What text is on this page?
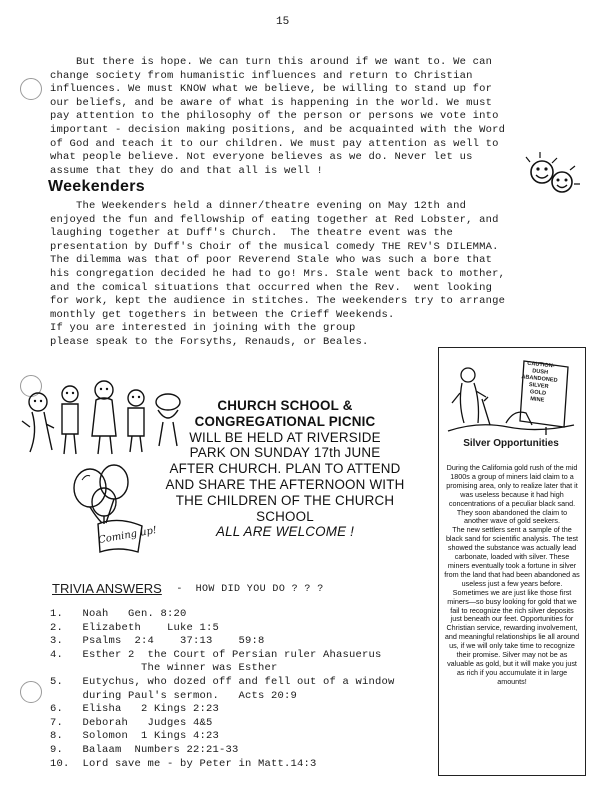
15
But there is hope. We can turn this around if we want to. We can
change society from humanistic influences and return to Christian
influences. We must KNOW what we believe, be willing to stand up for
our beliefs, and be aware of what is happening in the world. We must
pay attention to the philosophy of the person or persons we vote into
important - decision making positions, and be acquainted with the Word
of God and teach it to our children. We must pay attention as well to
what people believe. Not everyone believes as we do. Never let us
assume that they do and that all is well !
Weekenders
The Weekenders held a dinner/theatre evening on May 12th and
enjoyed the fun and fellowship of eating together at Red Lobster, and
laughing together at Duff's Church.  The theatre event was the
presentation by Duff's Choir of the musical comedy THE REV'S DILEMMA.
The dilemma was that of poor Reverend Stale who was such a bore that
his congregation decided he had to go! Mrs. Stale went back to mother,
and the comical situations that occurred when the Rev.  went looking
for work, kept the audience in stitches. The weekenders try to arrange
monthly get togethers in between the Crieff Weekends.
If you are interested in joining with the group
please speak to the Forsyths, Renauds, or Beales.
CHURCH SCHOOL &
CONGREGATIONAL PICNIC
WILL BE HELD AT RIVERSIDE
PARK ON SUNDAY 17th JUNE
AFTER CHURCH. PLAN TO ATTEND
AND SHARE THE AFTERNOON WITH
THE CHILDREN OF THE CHURCH SCHOOL
ALL ARE WELCOME !
Coming up!
TRIVIA ANSWERS -  HOW DID YOU DO ? ? ?
1.   Noah   Gen. 8:20
2.   Elizabeth    Luke 1:5
3.   Psalms  2:4    37:13    59:8
4.   Esther 2  the Court of Persian ruler Ahasuerus
The winner was Esther
5.   Eutychus, who dozed off and fell out of a window
during Paul's sermon.   Acts 20:9
6.   Elisha   2 Kings 2:23
7.   Deborah   Judges 4&5
8.   Solomon  1 Kings 4:23
9.   Balaam  Numbers 22:21-33
10.  Lord save me - by Peter in Matt.14:3
CAUTION-
DUSH
ABANDONED
SILVER
GOLD
MINE
Silver Opportunities

During the California gold rush of the mid 1800s a group of miners laid claim to a promising area, only to realize later that it was useless because it had high concentrations of a peculiar black sand. They soon abandoned the claim to another wave of gold seekers.

The new settlers sent a sample of the black sand for scientific analysis. The test showed the substance was actually lead carbonate, loaded with silver. These miners eventually took a fortune in silver from the land that had been abandoned as useless just a few years before.

Sometimes we are just like those first miners—so busy looking for gold that we fail to recognize the rich silver deposits just beneath our feet. Opportunities for Christian service, rewarding involvement, and meaningful relationships lie all around us, if we will only take time to recognize their promise. Silver may not be as valuable as gold, but it will make you just as rich if you accumulate it in large amounts!
